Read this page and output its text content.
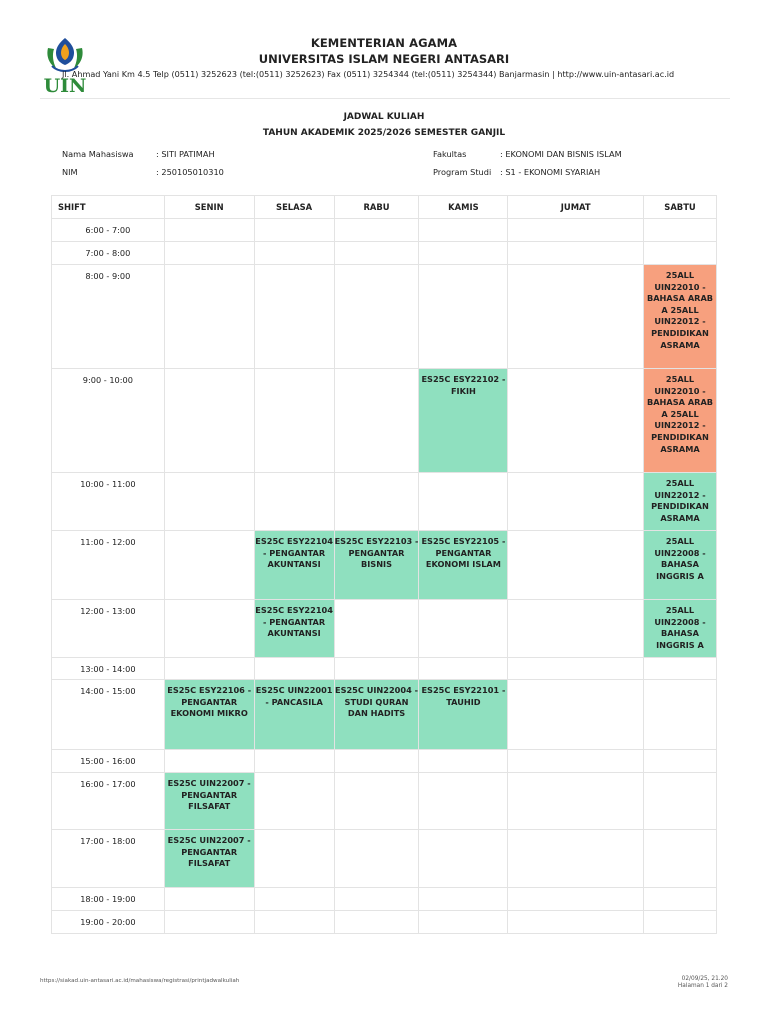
UIN
KEMENTERIAN AGAMA
UNIVERSITAS ISLAM NEGERI ANTASARI
Jl. Ahmad Yani Km 4.5 Telp (0511) 3252623 (tel:(0511) 3252623) Fax (0511) 3254344 (tel:(0511) 3254344) Banjarmasin | http://www.uin-antasari.ac.id
JADWAL KULIAH
TAHUN AKADEMIK 2025/2026 SEMESTER GANJIL
Nama Mahasiswa	: SITI PATIMAH
NIM	: 250105010310
Fakultas	: EKONOMI DAN BISNIS ISLAM
Program Studi : S1 - EKONOMI SYARIAH
SHIFT	SENIN	SELASA	RABU	KAMIS	JUMAT	SABTU
6:00 - 7:00						
7:00 - 8:00						
8:00 - 9:00						25ALL UIN22010 - BAHASA ARAB A 25ALL UIN22012 - PENDIDIKAN ASRAMA
9:00 - 10:00				ES25C ESY22102 - FIKIH		25ALL UIN22010 - BAHASA ARAB A 25ALL UIN22012 - PENDIDIKAN ASRAMA
10:00 - 11:00						25ALL UIN22012 - PENDIDIKAN ASRAMA
11:00 - 12:00		ES25C ESY22104 - PENGANTAR AKUNTANSI	ES25C ESY22103 - PENGANTAR BISNIS	ES25C ESY22105 - PENGANTAR EKONOMI ISLAM		25ALL UIN22008 - BAHASA INGGRIS A
12:00 - 13:00		ES25C ESY22104 - PENGANTAR AKUNTANSI				25ALL UIN22008 - BAHASA INGGRIS A
13:00 - 14:00						
14:00 - 15:00	ES25C ESY22106 - PENGANTAR EKONOMI MIKRO	ES25C UIN22001 - PANCASILA	ES25C UIN22004 - STUDI QURAN DAN HADITS	ES25C ESY22101 - TAUHID		
15:00 - 16:00						
16:00 - 17:00	ES25C UIN22007 - PENGANTAR FILSAFAT					
17:00 - 18:00	ES25C UIN22007 - PENGANTAR FILSAFAT					
18:00 - 19:00						
19:00 - 20:00						
https://siakad.uin-antasari.ac.id/mahasiswa/registrasi/printjadwalkuliah	02/09/25, 21.20
Halaman 1 dari 2
